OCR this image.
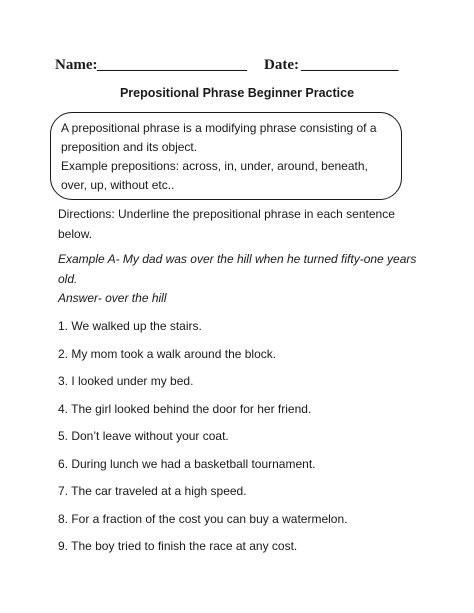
Name: ____________________ Date: _____________
Prepositional Phrase Beginner Practice

A prepositional phrase is a modifying phrase consisting of a preposition and its object.

Example prepositions: across, in, under, around, beneath, over, up, without etc..

Directions: Underline the prepositional phrase in each sentence below.
Example A- My dad was over the hill when he turned fifty-one years old.
Answer- over the hill
1. We walked up the stairs.
2. My mom took a walk around the block.
3. I looked under my bed.
4. The girl looked behind the door for her friend.
5. Don’t leave without your coat.
6. During lunch we had a basketball tournament.
7. The car traveled at a high speed.
8. For a fraction of the cost you can buy a watermelon.
9. The boy tried to finish the race at any cost.
